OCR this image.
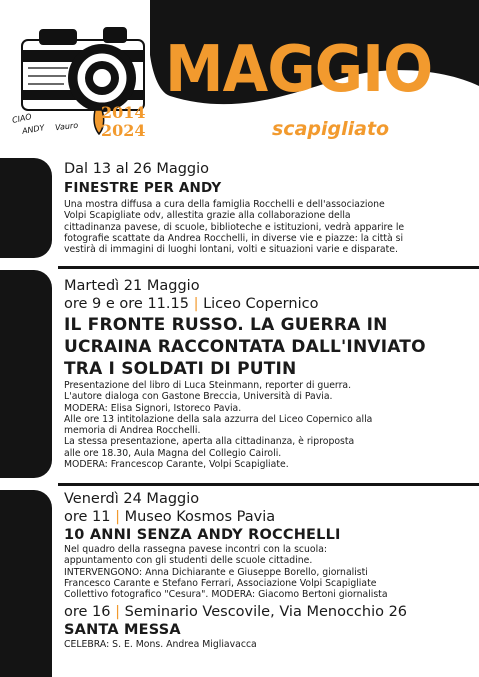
MAGGIO
scapigliato
2014
2024
CIAO
ANDY Vauro
Dal 13 al 26 Maggio
FINESTRE PER ANDY
Una mostra diffusa a cura della famiglia Rocchelli e dell'associazione
Volpi Scapigliate odv, allestita grazie alla collaborazione della
cittadinanza pavese, di scuole, biblioteche e istituzioni, vedrà apparire le
fotografie scattate da Andrea Rocchelli, in diverse vie e piazze: la città si
vestirà di immagini di luoghi lontani, volti e situazioni varie e disparate.
Martedì 21 Maggio
ore 9 e ore 11.15 | Liceo Copernico
IL FRONTE RUSSO. LA GUERRA IN
UCRAINA RACCONTATA DALL'INVIATO
TRA I SOLDATI DI PUTIN
Presentazione del libro di Luca Steinmann, reporter di guerra.
L'autore dialoga con Gastone Breccia, Università di Pavia.
MODERA: Elisa Signori, Istoreco Pavia.
Alle ore 13 intitolazione della sala azzurra del Liceo Copernico alla
memoria di Andrea Rocchelli.
La stessa presentazione, aperta alla cittadinanza, è riproposta
alle ore 18.30, Aula Magna del Collegio Cairoli.
MODERA: Francescop Carante, Volpi Scapigliate.
Venerdì 24 Maggio
ore 11 | Museo Kosmos Pavia
10 ANNI SENZA ANDY ROCCHELLI
Nel quadro della rassegna pavese incontri con la scuola:
appuntamento con gli studenti delle scuole cittadine.
INTERVENGONO: Anna Dichiarante e Giuseppe Borello, giornalisti
Francesco Carante e Stefano Ferrari, Associazione Volpi Scapigliate
Collettivo fotografico "Cesura". MODERA: Giacomo Bertoni giornalista
ore 16 | Seminario Vescovile, Via Menocchio 26
SANTA MESSA
CELEBRA: S. E. Mons. Andrea Migliavacca
